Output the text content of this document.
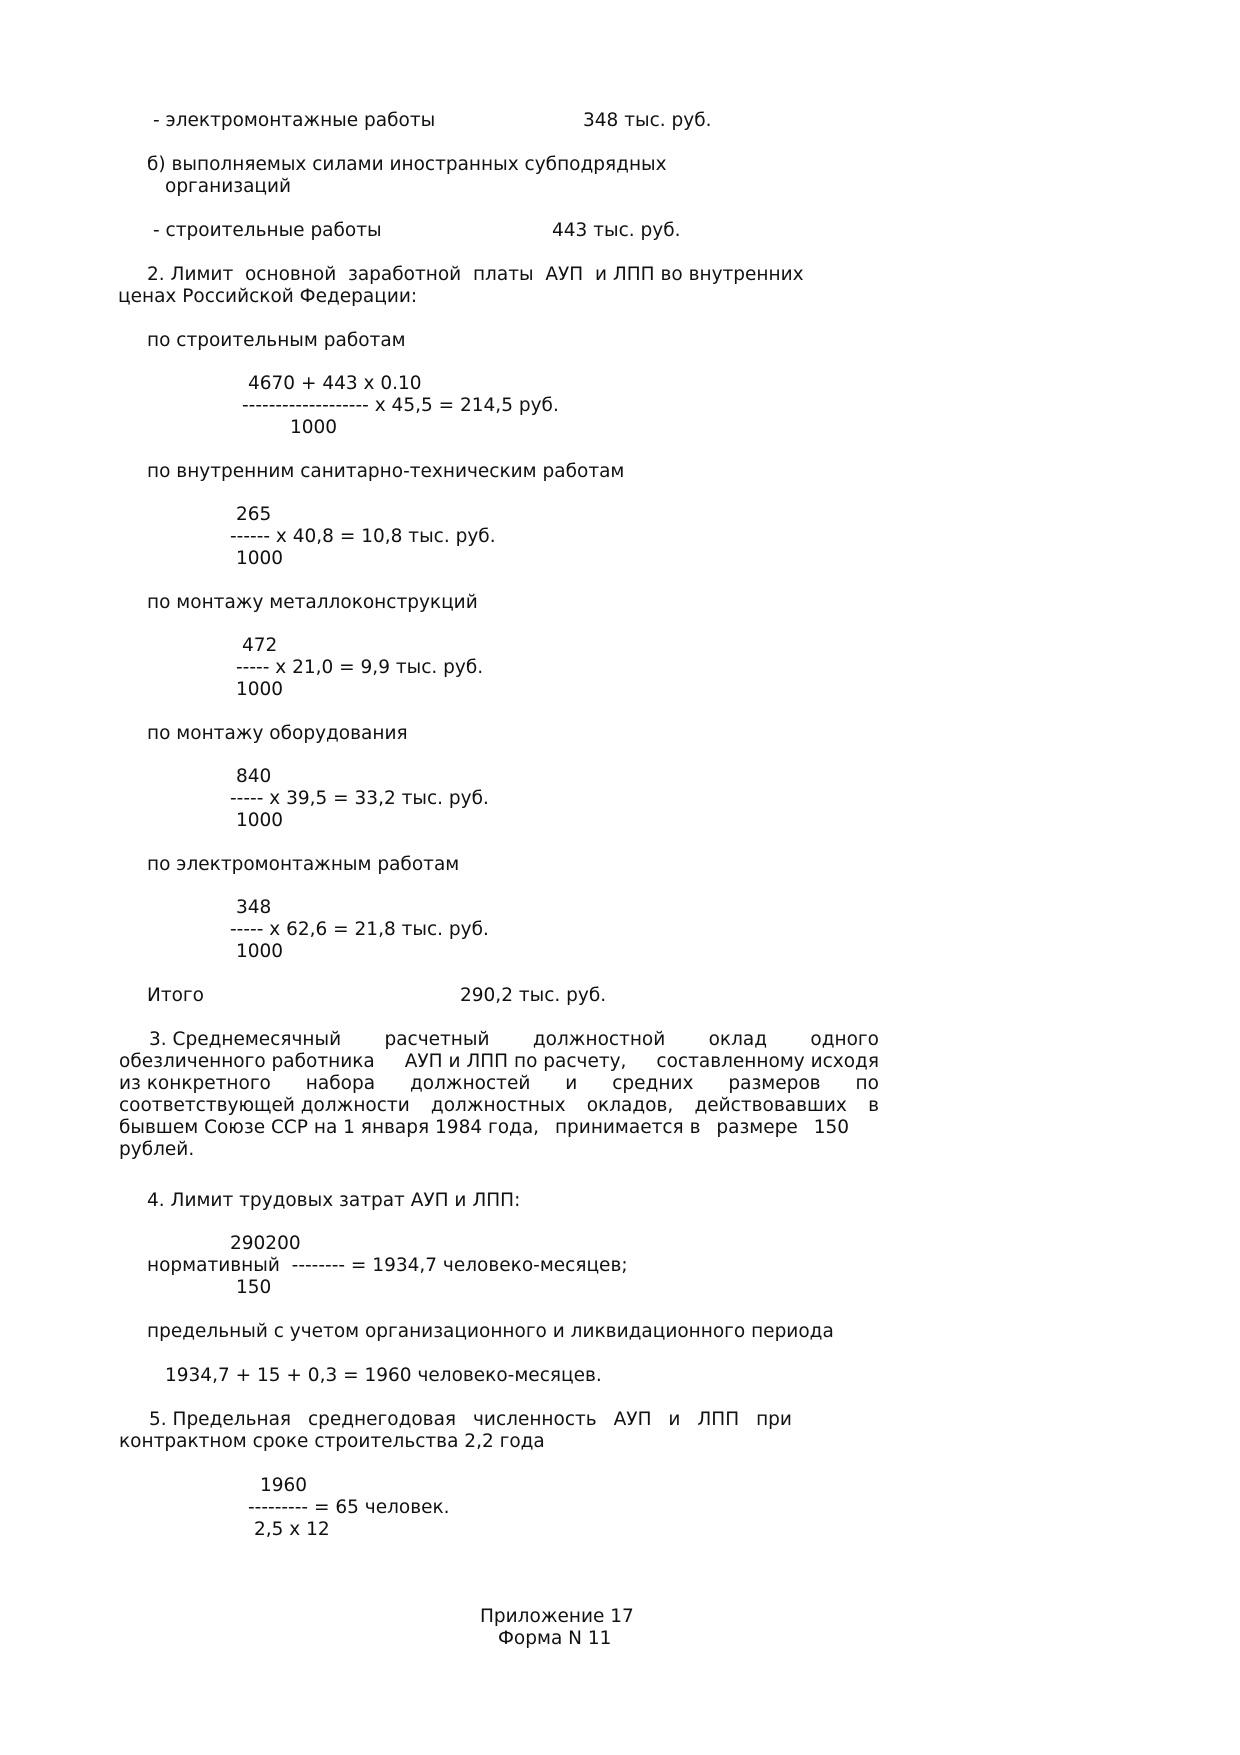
- электромонтажные работы	348 тыс. руб.
б) выполняемых силами иностранных субподрядных
организаций
- строительные работы	443 тыс. руб.
2. Лимит  основной  заработной  платы  АУП  и ЛПП во внутренних
ценах Российской Федерации:
по строительным работам
4670 + 443 x 0.10
------------------- x 45,5 = 214,5 руб.
1000
по внутренним санитарно-техническим работам
265
------ x 40,8 = 10,8 тыс. руб.
1000
по монтажу металлоконструкций
472
----- x 21,0 = 9,9 тыс. руб.
1000
по монтажу оборудования
840
----- x 39,5 = 33,2 тыс. руб.
1000
по электромонтажным работам
348
----- x 62,6 = 21,8 тыс. руб.
1000
Итого	290,2 тыс. руб.
3. Среднемесячный расчетный должностной оклад одного
обезличенного работника АУП и ЛПП по расчету, составленному исходя
из конкретного набора должностей и средних размеров по
соответствующей должности должностных окладов, действовавших в
бывшем Союзе ССР на 1 января 1984 года, принимается в размере 150
рублей.
4. Лимит трудовых затрат АУП и ЛПП:
290200
нормативный  -------- = 1934,7 человеко-месяцев;
150
предельный с учетом организационного и ликвидационного периода
1934,7 + 15 + 0,3 = 1960 человеко-месяцев.
5. Предельная среднегодовая численность АУП и ЛПП при
контрактном сроке строительства 2,2 года
1960
--------- = 65 человек.
2,5 x 12
Приложение 17
Форма N 11
